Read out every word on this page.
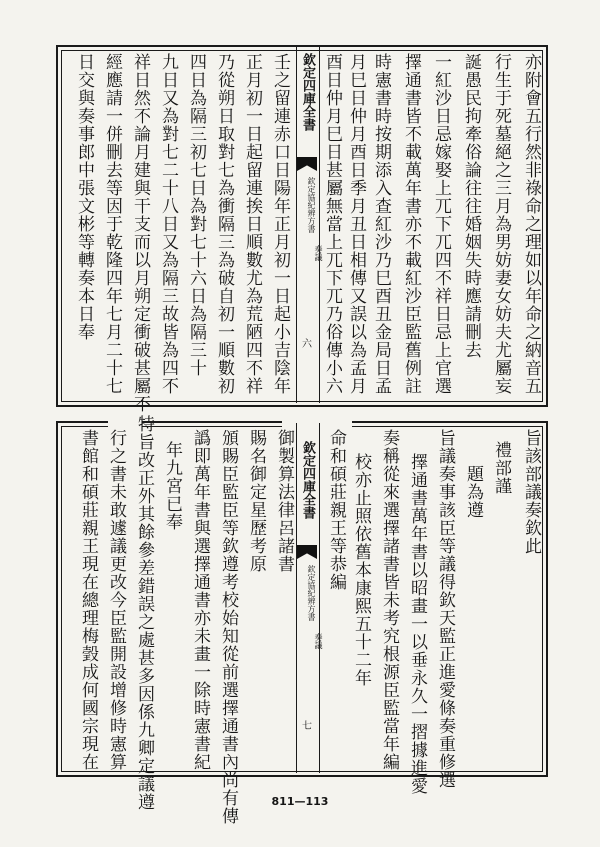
亦附會五行然非祿命之理如以年命之納音五
行生于死墓絕之三月為男妨妻女妨夫尤屬妄
誕愚民拘牽俗論往往婚姻失時應請刪去
一紅沙日忌嫁娶上兀下兀四不祥日忌上官選
擇通書皆不載萬年書亦不載紅沙臣監舊例註
時憲書時按期添入查紅沙乃巳酉丑金局日孟
月巳日仲月酉日季月丑日相傳又誤以為孟月
酉日仲月巳日甚屬無當上兀下兀乃俗傳小六
欽定四庫全書
欽定協紀辨方書
奏議
六
壬之留連赤口日陽年正月初一日起小吉陰年
正月初一日起留連挨日順數尤為荒陋四不祥
乃從朔日取對七為衝隔三為破自初一順數初
四日為隔三初七日為對七十六日為隔三十
九日又為對七二十八日又為隔三故皆為四不
祥日然不論月建與干支而以月朔定衝破甚屬不
經應請一併刪去等因于乾隆四年七月二十七
日交與奏事郎中張文彬等轉奏本日奉
旨該部議奏欽此
禮部謹
題為遵
旨議奏事該臣等議得欽天監正進愛條奏重修選
擇通書萬年書以昭畫一以垂永久一摺據進愛
奏稱從來選擇諸書皆未考究根源臣監當年編
校亦止照依舊本康熙五十二年
命和碩莊親王等恭編
欽定四庫全書
欽定協紀辨方書
奏議
七
御製算法律呂諸書
賜名御定星歷考原
頒賜臣監臣等欽遵考校始知從前選擇通書內尚有傳
譌即萬年書與選擇通書亦未畫一除時憲書紀
年九宮已奉
特旨改正外其餘參差錯誤之處甚多因係九卿定議遵
行之書未敢遽議更改今臣監開設增修時憲算
書館和碩莊親王現在總理梅瑴成何國宗現在
811—113
